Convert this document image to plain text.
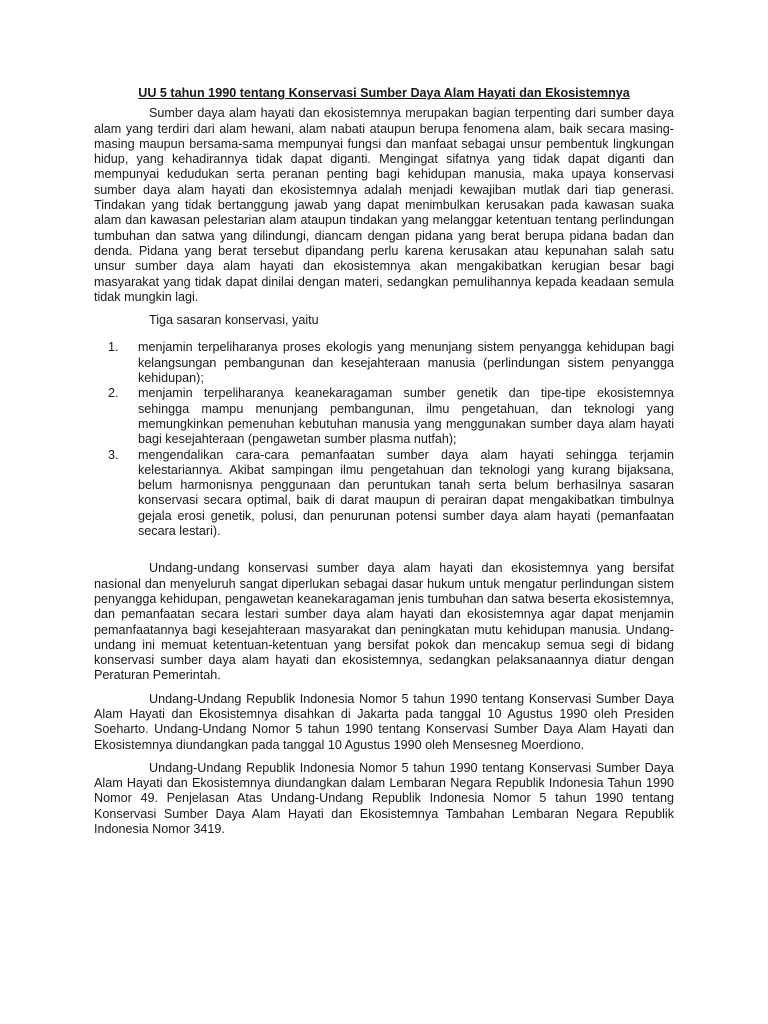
UU 5 tahun 1990 tentang Konservasi Sumber Daya Alam Hayati dan Ekosistemnya

Sumber daya alam hayati dan ekosistemnya merupakan bagian terpenting dari sumber daya alam yang terdiri dari alam hewani, alam nabati ataupun berupa fenomena alam, baik secara masing-masing maupun bersama-sama mempunyai fungsi dan manfaat sebagai unsur pembentuk lingkungan hidup, yang kehadirannya tidak dapat diganti. Mengingat sifatnya yang tidak dapat diganti dan mempunyai kedudukan serta peranan penting bagi kehidupan manusia, maka upaya konservasi sumber daya alam hayati dan ekosistemnya adalah menjadi kewajiban mutlak dari tiap generasi. Tindakan yang tidak bertanggung jawab yang dapat menimbulkan kerusakan pada kawasan suaka alam dan kawasan pelestarian alam ataupun tindakan yang melanggar ketentuan tentang perlindungan tumbuhan dan satwa yang dilindungi, diancam dengan pidana yang berat berupa pidana badan dan denda. Pidana yang berat tersebut dipandang perlu karena kerusakan atau kepunahan salah satu unsur sumber daya alam hayati dan ekosistemnya akan mengakibatkan kerugian besar bagi masyarakat yang tidak dapat dinilai dengan materi, sedangkan pemulihannya kepada keadaan semula tidak mungkin lagi.

Tiga sasaran konservasi, yaitu
1.	menjamin terpeliharanya proses ekologis yang menunjang sistem penyangga kehidupan bagi kelangsungan pembangunan dan kesejahteraan manusia (perlindungan sistem penyangga kehidupan);
2.	menjamin terpeliharanya keanekaragaman sumber genetik dan tipe-tipe ekosistemnya sehingga mampu menunjang pembangunan, ilmu pengetahuan, dan teknologi yang memungkinkan pemenuhan kebutuhan manusia yang menggunakan sumber daya alam hayati bagi kesejahteraan (pengawetan sumber plasma nutfah);
3.	mengendalikan cara-cara pemanfaatan sumber daya alam hayati sehingga terjamin kelestariannya. Akibat sampingan ilmu pengetahuan dan teknologi yang kurang bijaksana, belum harmonisnya penggunaan dan peruntukan tanah serta belum berhasilnya sasaran konservasi secara optimal, baik di darat maupun di perairan dapat mengakibatkan timbulnya gejala erosi genetik, polusi, dan penurunan potensi sumber daya alam hayati (pemanfaatan secara lestari).

Undang-undang konservasi sumber daya alam hayati dan ekosistemnya yang bersifat nasional dan menyeluruh sangat diperlukan sebagai dasar hukum untuk mengatur perlindungan sistem penyangga kehidupan, pengawetan keanekaragaman jenis tumbuhan dan satwa beserta ekosistemnya, dan pemanfaatan secara lestari sumber daya alam hayati dan ekosistemnya agar dapat menjamin pemanfaatannya bagi kesejahteraan masyarakat dan peningkatan mutu kehidupan manusia. Undang-undang ini memuat ketentuan-ketentuan yang bersifat pokok dan mencakup semua segi di bidang konservasi sumber daya alam hayati dan ekosistemnya, sedangkan pelaksanaannya diatur dengan Peraturan Pemerintah.

Undang-Undang Republik Indonesia Nomor 5 tahun 1990 tentang Konservasi Sumber Daya Alam Hayati dan Ekosistemnya disahkan di Jakarta pada tanggal 10 Agustus 1990 oleh Presiden Soeharto. Undang-Undang Nomor 5 tahun 1990 tentang Konservasi Sumber Daya Alam Hayati dan Ekosistemnya diundangkan pada tanggal 10 Agustus 1990 oleh Mensesneg Moerdiono.

Undang-Undang Republik Indonesia Nomor 5 tahun 1990 tentang Konservasi Sumber Daya Alam Hayati dan Ekosistemnya diundangkan dalam Lembaran Negara Republik Indonesia Tahun 1990 Nomor 49. Penjelasan Atas Undang-Undang Republik Indonesia Nomor 5 tahun 1990 tentang Konservasi Sumber Daya Alam Hayati dan Ekosistemnya Tambahan Lembaran Negara Republik Indonesia Nomor 3419.
